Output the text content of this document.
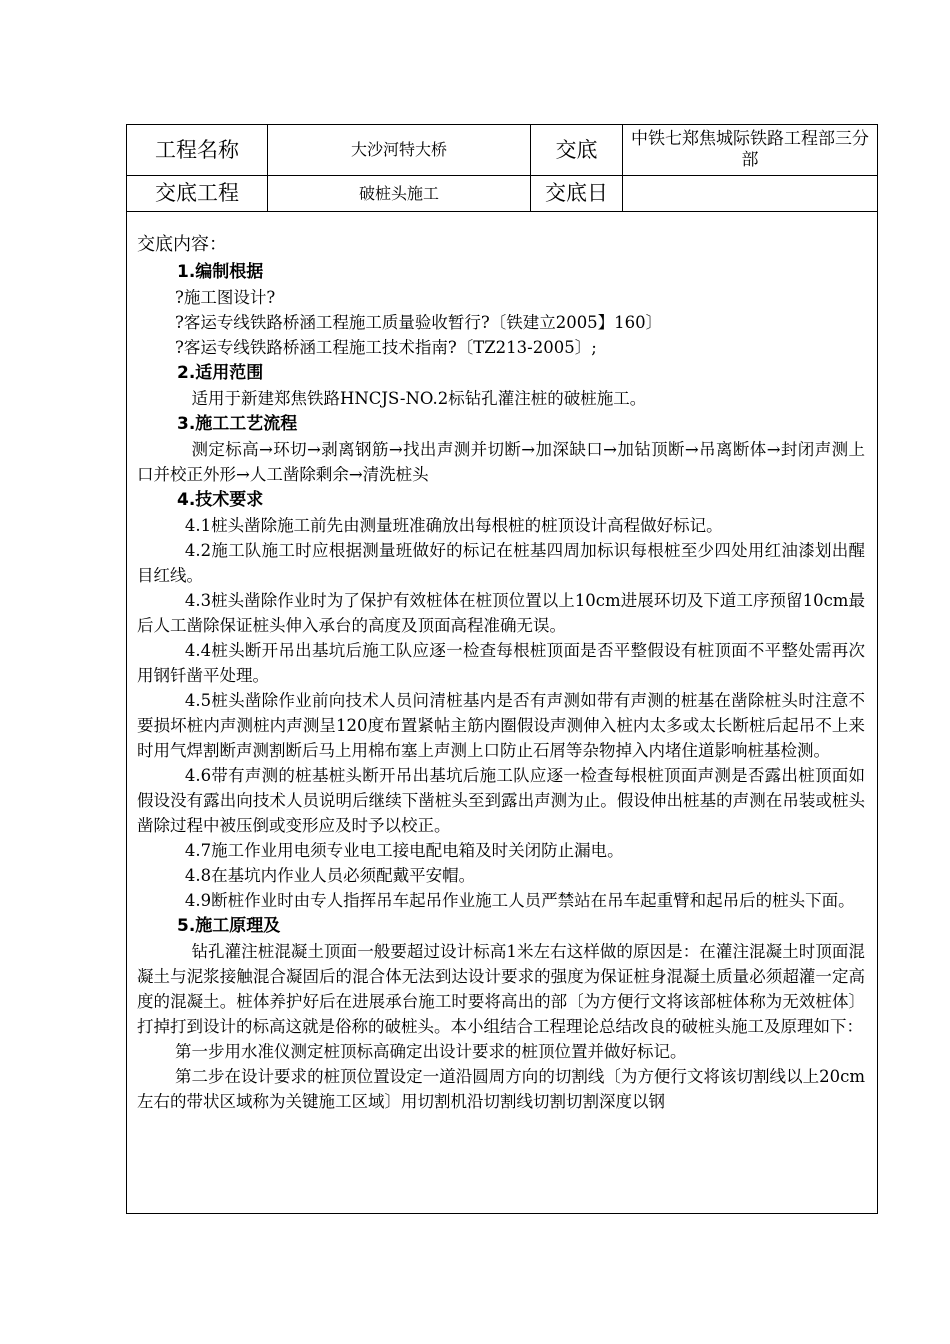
工程名称	大沙河特大桥	交底	中铁七郑焦城际铁路工程部三分部
交底工程	破桩头施工	交底日

交底内容：

1.编制根据

?施工图设计?

?客运专线铁路桥涵工程施工质量验收暂行?〔铁建立2005】160〕

?客运专线铁路桥涵工程施工技术指南?〔TZ213-2005〕;

2.适用范围

适用于新建郑焦铁路HNCJS-NO.2标钻孔灌注桩的破桩施工。

3.施工工艺流程

测定标高→环切→剥离钢筋→找出声测并切断→加深缺口→加钻顶断→吊离断体→封闭声测上口并校正外形→人工凿除剩余→清洗桩头

4.技术要求

4.1桩头凿除施工前先由测量班准确放出每根桩的桩顶设计高程做好标记。

4.2施工队施工时应根据测量班做好的标记在桩基四周加标识每根桩至少四处用红油漆划出醒目红线。

4.3桩头凿除作业时为了保护有效桩体在桩顶位置以上10cm进展环切及下道工序预留10cm最后人工凿除保证桩头伸入承台的高度及顶面高程准确无误。

4.4桩头断开吊出基坑后施工队应逐一检查每根桩顶面是否平整假设有桩顶面不平整处需再次用钢钎凿平处理。

4.5桩头凿除作业前向技术人员问清桩基内是否有声测如带有声测的桩基在凿除桩头时注意不要损坏桩内声测桩内声测呈120度布置紧帖主筋内圈假设声测伸入桩内太多或太长断桩后起吊不上来时用气焊割断声测割断后马上用棉布塞上声测上口防止石屑等杂物掉入内堵住道影响桩基检测。

4.6带有声测的桩基桩头断开吊出基坑后施工队应逐一检查每根桩顶面声测是否露出桩顶面如假设没有露出向技术人员说明后继续下凿桩头至到露出声测为止。假设伸出桩基的声测在吊装或桩头凿除过程中被压倒或变形应及时予以校正。

4.7施工作业用电须专业电工接电配电箱及时关闭防止漏电。

4.8在基坑内作业人员必须配戴平安帽。

4.9断桩作业时由专人指挥吊车起吊作业施工人员严禁站在吊车起重臂和起吊后的桩头下面。

5.施工原理及

钻孔灌注桩混凝土顶面一般要超过设计标高1米左右这样做的原因是：在灌注混凝土时顶面混凝土与泥浆接触混合凝固后的混合体无法到达设计要求的强度为保证桩身混凝土质量必须超灌一定高度的混凝土。桩体养护好后在进展承台施工时要将高出的部〔为方便行文将该部桩体称为无效桩体〕打掉打到设计的标高这就是俗称的破桩头。本小组结合工程理论总结改良的破桩头施工及原理如下：

第一步用水准仪测定桩顶标高确定出设计要求的桩顶位置并做好标记。

第二步在设计要求的桩顶位置设定一道沿圆周方向的切割线〔为方便行文将该切割线以上20cm左右的带状区域称为关键施工区域〕用切割机沿切割线切割切割深度以钢
